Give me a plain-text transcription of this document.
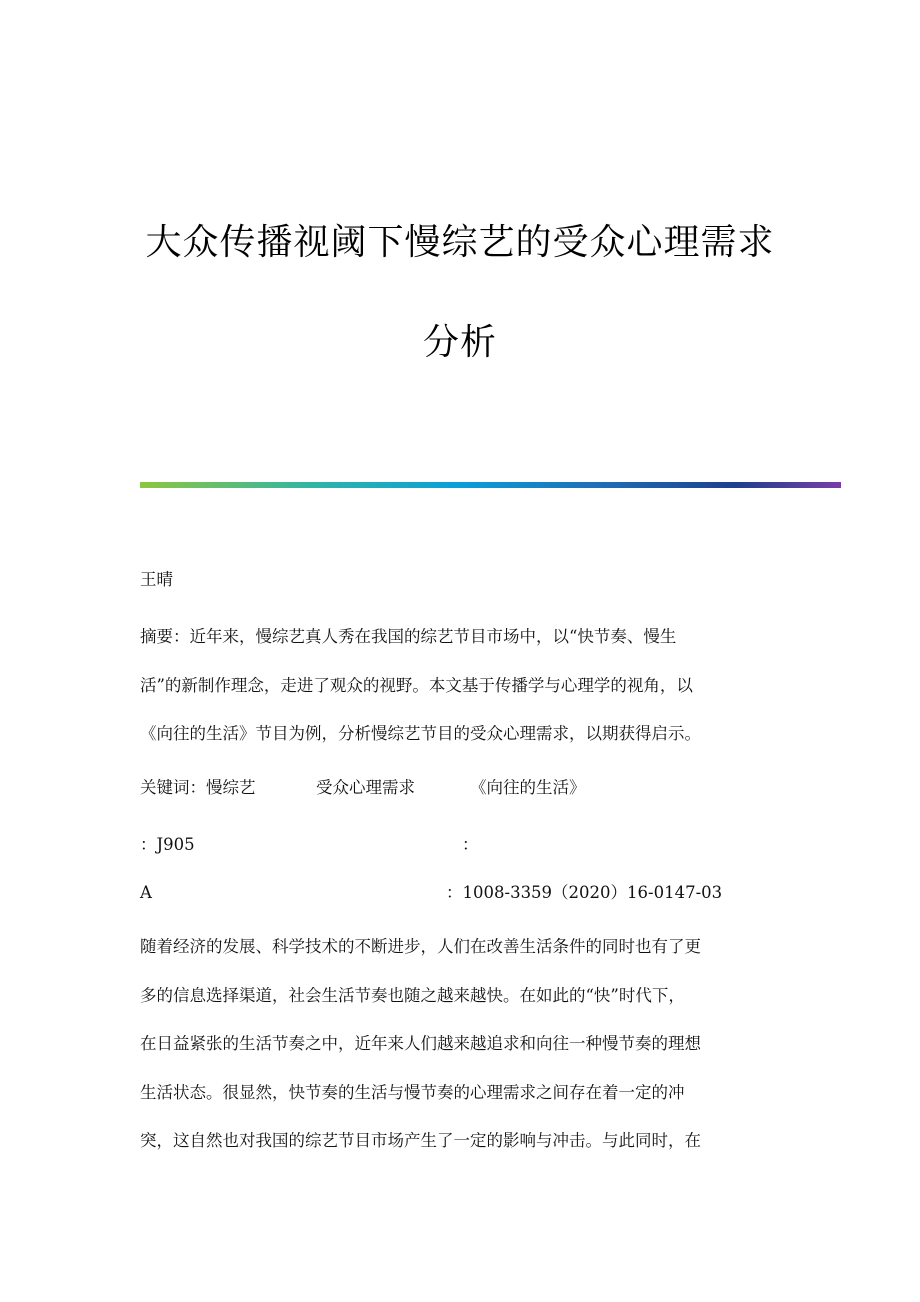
大众传播视阈下慢综艺的受众心理需求
分析
王晴
摘要：近年来，慢综艺真人秀在我国的综艺节目市场中，以“快节奏、慢生
活”的新制作理念，走进了观众的视野。本文基于传播学与心理学的视角，以
《向往的生活》节目为例，分析慢综艺节目的受众心理需求，以期获得启示。
关键词：慢综艺	受众心理需求	《向往的生活》
：J905	：
A	：1008-3359（2020）16-0147-03
随着经济的发展、科学技术的不断进步，人们在改善生活条件的同时也有了更
多的信息选择渠道，社会生活节奏也随之越来越快。在如此的“快”时代下，
在日益紧张的生活节奏之中，近年来人们越来越追求和向往一种慢节奏的理想
生活状态。很显然，快节奏的生活与慢节奏的心理需求之间存在着一定的冲
突，这自然也对我国的综艺节目市场产生了一定的影响与冲击。与此同时，在
